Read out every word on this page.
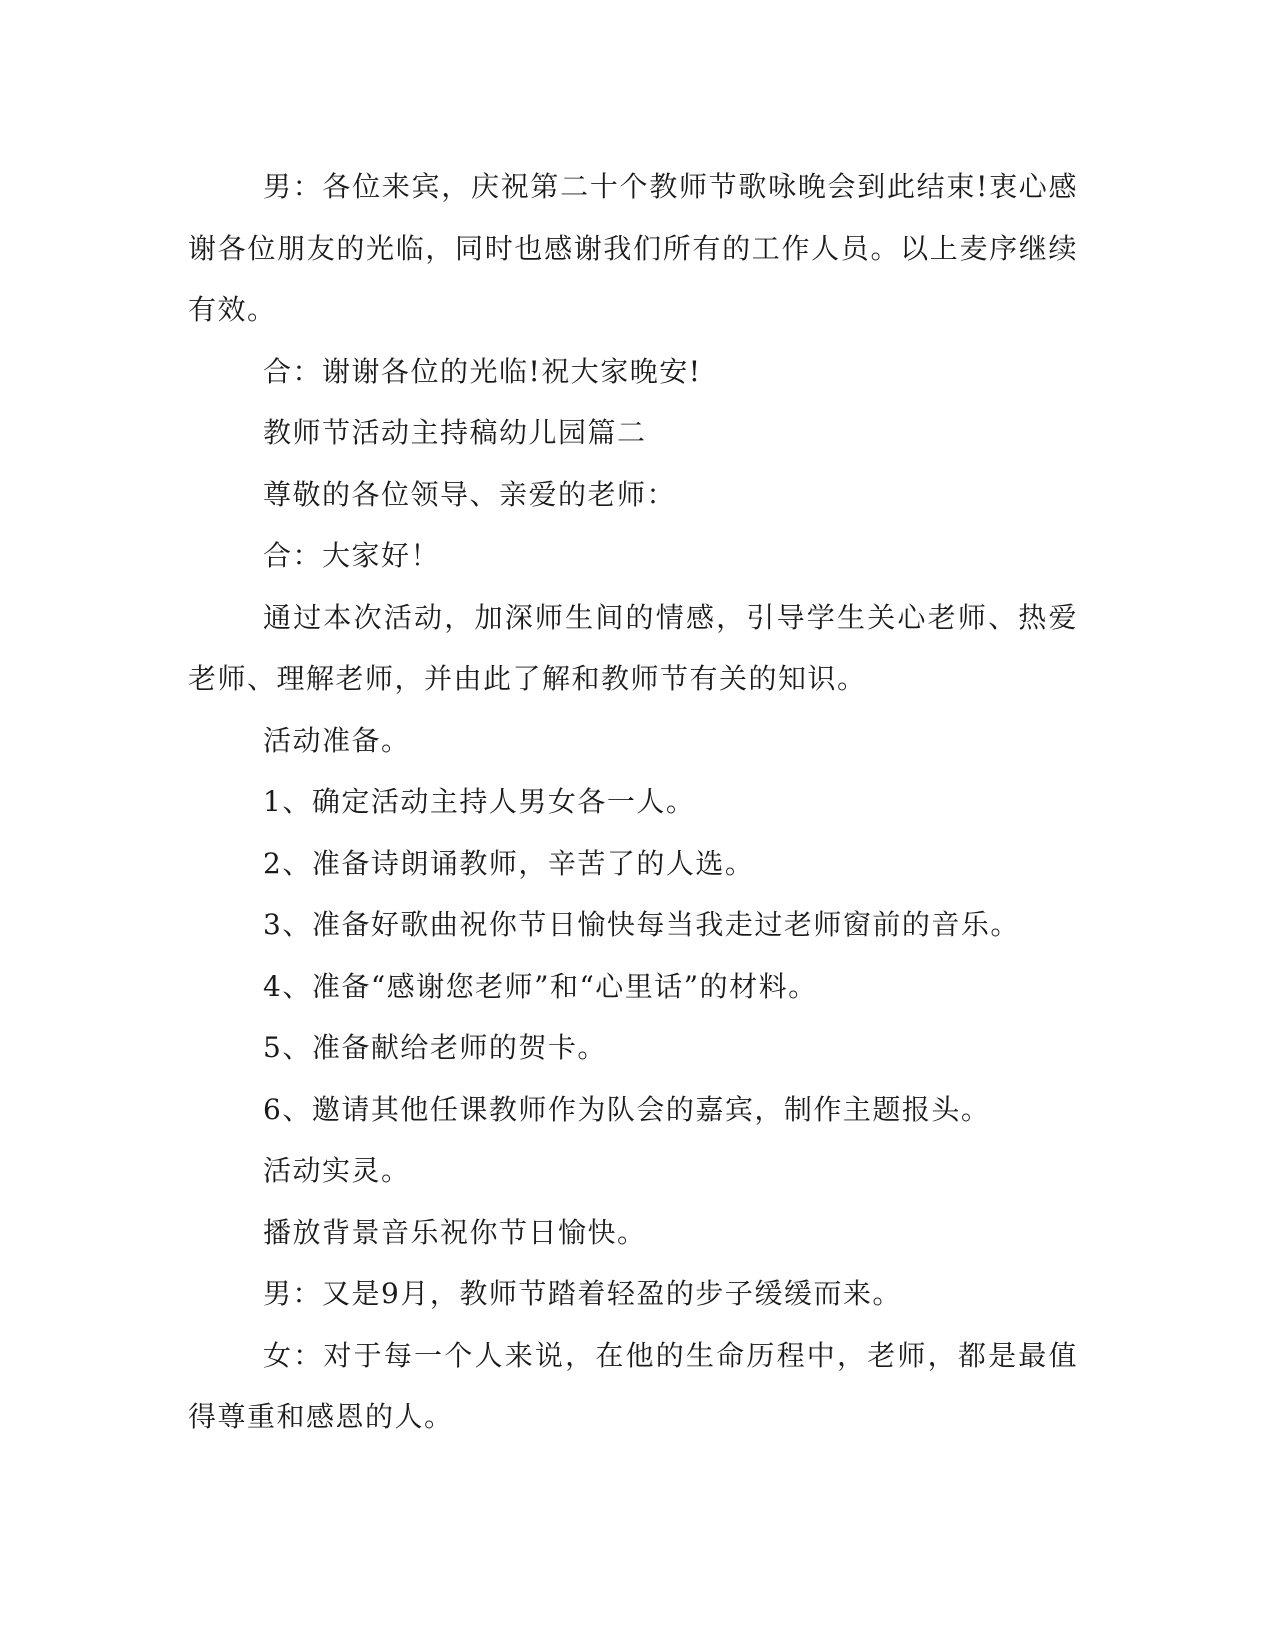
男：各位来宾，庆祝第二十个教师节歌咏晚会到此结束!衷心感谢各位朋友的光临，同时也感谢我们所有的工作人员。以上麦序继续有效。

合：谢谢各位的光临!祝大家晚安!

教师节活动主持稿幼儿园篇二

尊敬的各位领导、亲爱的老师：

合：大家好！

通过本次活动，加深师生间的情感，引导学生关心老师、热爱老师、理解老师，并由此了解和教师节有关的知识。

活动准备。

1、确定活动主持人男女各一人。

2、准备诗朗诵教师，辛苦了的人选。

3、准备好歌曲祝你节日愉快每当我走过老师窗前的音乐。

4、准备“感谢您老师”和“心里话”的材料。

5、准备献给老师的贺卡。

6、邀请其他任课教师作为队会的嘉宾，制作主题报头。

活动实灵。

播放背景音乐祝你节日愉快。

男：又是9月，教师节踏着轻盈的步子缓缓而来。

女：对于每一个人来说，在他的生命历程中，老师，都是最值得尊重和感恩的人。
